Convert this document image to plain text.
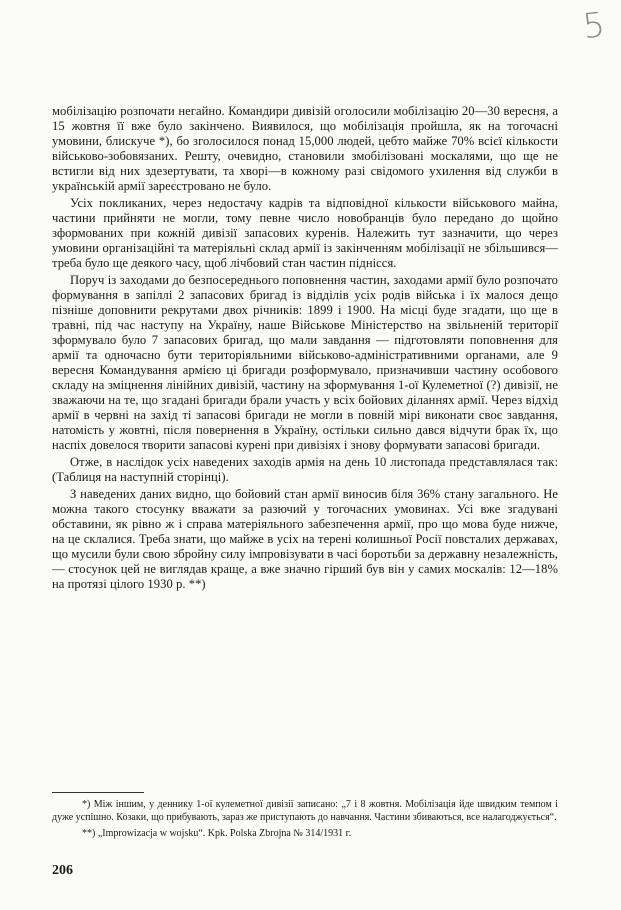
5

мобілізацію розпочати негайно. Командири дивізій оголосили мобілізацію 20—30 вересня, а 15 жовтня її вже було закінчено. Виявилося, що мобілізація пройшла, як на тогочасні умовини, блискуче *), бо зголосилося понад 15,000 людей, цебто майже 70% всієї кількости військово-зобовязаних. Решту, очевидно, становили змобілізовані москалями, що ще не встигли від них здезертувати, та хворі—в кожному разі свідомого ухилення від служби в українській армії зареєстровано не було.

Усіх покликаних, через недостачу кадрів та відповідної кількости військового майна, частини прийняти не могли, тому певне число новобранців було передано до щойно зформованих при кожній дивізії запасових куренів. Належить тут зазначити, що через умовини організаційні та матеріяльні склад армії із закінченням мобілізації не збільшився—треба було ще деякого часу, щоб лічбовий стан частин піднісся.

Поруч із заходами до безпосереднього поповнення частин, заходами армії було розпочато формування в запіллі 2 запасових бригад із відділів усіх родів війська і їх малося дещо пізніше доповнити рекрутами двох річників: 1899 і 1900. На місці буде згадати, що ще в травні, під час наступу на Україну, наше Військове Міністерство на звільненій території зформувало було 7 запасових бригад, що мали завдання — підготовляти поповнення для армії та одночасно бути територіяльними військово-адміністративними органами, але 9 вересня Командування армією ці бригади розформувало, призначивши частину особового складу на зміцнення лінійних дивізій, частину на зформування 1-ої Кулеметної (?) дивізії, не зважаючи на те, що згадані бригади брали участь у всіх бойових діланнях армії. Через відхід армії в червні на захід ті запасові бригади не могли в повній мірі виконати своє завдання, натомість у жовтні, після повернення в Україну, остільки сильно дався відчути брак їх, що наспіх довелося творити запасові курені при дивізіях і знову формувати запасові бригади.

Отже, в наслідок усіх наведених заходів армія на день 10 листопада представлялася так: (Таблиця на наступній сторінці).

З наведених даних видно, що бойовий стан армії виносив біля 36% стану загального. Не можна такого стосунку вважати за разючий у тогочасних умовинах. Усі вже згадувані обставини, як рівно ж і справа матеріяльного забезпечення армії, про що мова буде нижче, на це склалися. Треба знати, що майже в усіх на терені колишньої Росії повсталих державах, що мусили були свою збройну силу імпровізувати в часі боротьби за державну незалежність, — стосунок цей не виглядав краще, а вже значно гірший був він у самих москалів: 12—18% на протязі цілого 1930 р. **)

*) Між іншим, у деннику 1-ої кулеметної дивізії записано: „7 і 8 жовтня. Мобілізація йде швидким темпом і дуже успішно. Козаки, що прибувають, зараз же приступають до навчання. Частини збиваються, все налагоджується“.

**) „Improwizacja w wojsku“. Kpk. Polska Zbrojna № 314/1931 г.

206
